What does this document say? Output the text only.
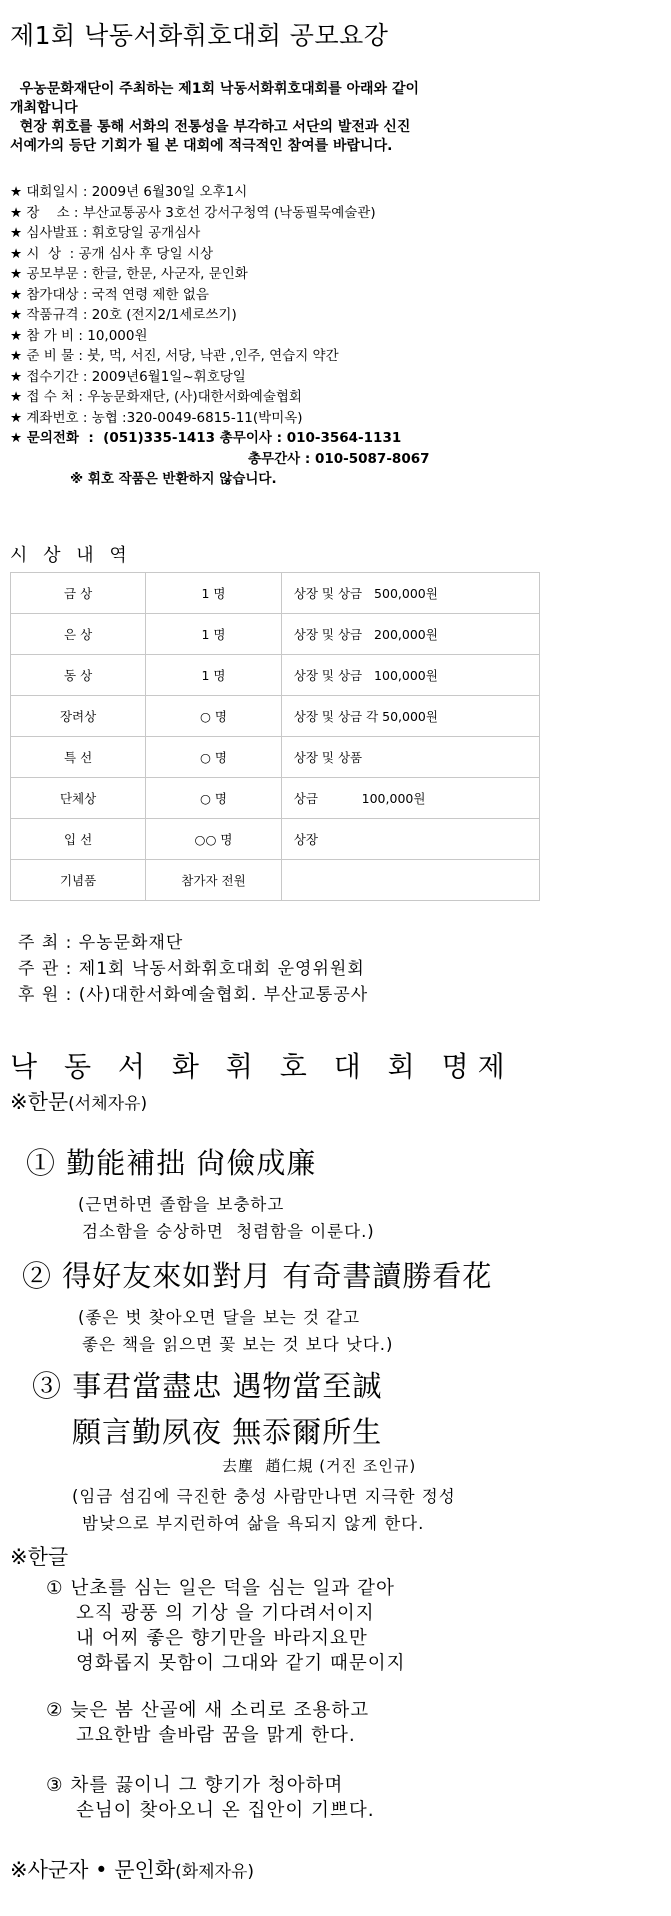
제1회 낙동서화휘호대회 공모요강
우농문화재단이 주최하는 제1회 낙동서화휘호대회를 아래와 같이
개최합니다
현장 휘호를 통해 서화의 전통성을 부각하고 서단의 발전과 신진
서예가의 등단 기회가 될 본 대회에 적극적인 참여를 바랍니다.
★ 대회일시 : 2009년 6월30일 오후1시
★ 장    소 : 부산교통공사 3호선 강서구청역 (낙동필묵예술관)
★ 심사발표 : 휘호당일 공개심사
★ 시  상  : 공개 심사 후 당일 시상
★ 공모부문 : 한글, 한문, 사군자, 문인화
★ 참가대상 : 국적 연령 제한 없음
★ 작품규격 : 20호 (전지2/1세로쓰기)
★ 참 가 비 : 10,000원
★ 준 비 물 : 붓, 먹, 서진, 서당, 낙관 ,인주, 연습지 약간
★ 접수기간 : 2009년6월1일~휘호당일
★ 접 수 처 : 우농문화재단, (사)대한서화예술협회
★ 계좌번호 : 농협 :320-0049-6815-11(박미옥)
★ 문의전화  :  (051)335-1413 총무이사 : 010-3564-1131
총무간사 : 010-5087-8067
※ 휘호 작품은 반환하지 않습니다.
시 상 내 역
금 상	1 명	상장 및 상금   500,000원
은 상	1 명	상장 및 상금   200,000원
동 상	1 명	상장 및 상금   100,000원
장려상	○ 명	상장 및 상금 각 50,000원
특 선	○ 명	상장 및 상품
단체상	○ 명	상금           100,000원
입 선	○○ 명	상장
기념품	참가자 전원	
주 최 : 우농문화재단
주 관 : 제1회 낙동서화휘호대회 운영위원회
후 원 : (사)대한서화예술협회. 부산교통공사
낙 동 서 화 휘 호 대 회 명제
※한문(서체자유)
① 勤能補拙 尙儉成廉
(근면하면 졸함을 보충하고
검소함을 숭상하면  청렴함을 이룬다.)
② 得好友來如對月 有奇書讀勝看花
(좋은 벗 찾아오면 달을 보는 것 같고
좋은 책을 읽으면 꽃 보는 것 보다 낫다.)
③ 事君當盡忠 遇物當至誠
願言勤夙夜 無忝爾所生
去塵  趙仁規 (거진 조인규)
(임금 섬김에 극진한 충성 사람만나면 지극한 정성
밤낮으로 부지런하여 삶을 욕되지 않게 한다.
※한글
① 난초를 심는 일은 덕을 심는 일과 같아
오직 광풍 의 기상 을 기다려서이지
내 어찌 좋은 향기만을 바라지요만
영화롭지 못함이 그대와 같기 때문이지
② 늦은 봄 산골에 새 소리로 조용하고
고요한밤 솔바람 꿈을 맑게 한다.
③ 차를 끓이니 그 향기가 청아하며
손님이 찾아오니 온 집안이 기쁘다.
※사군자 • 문인화(화제자유)
